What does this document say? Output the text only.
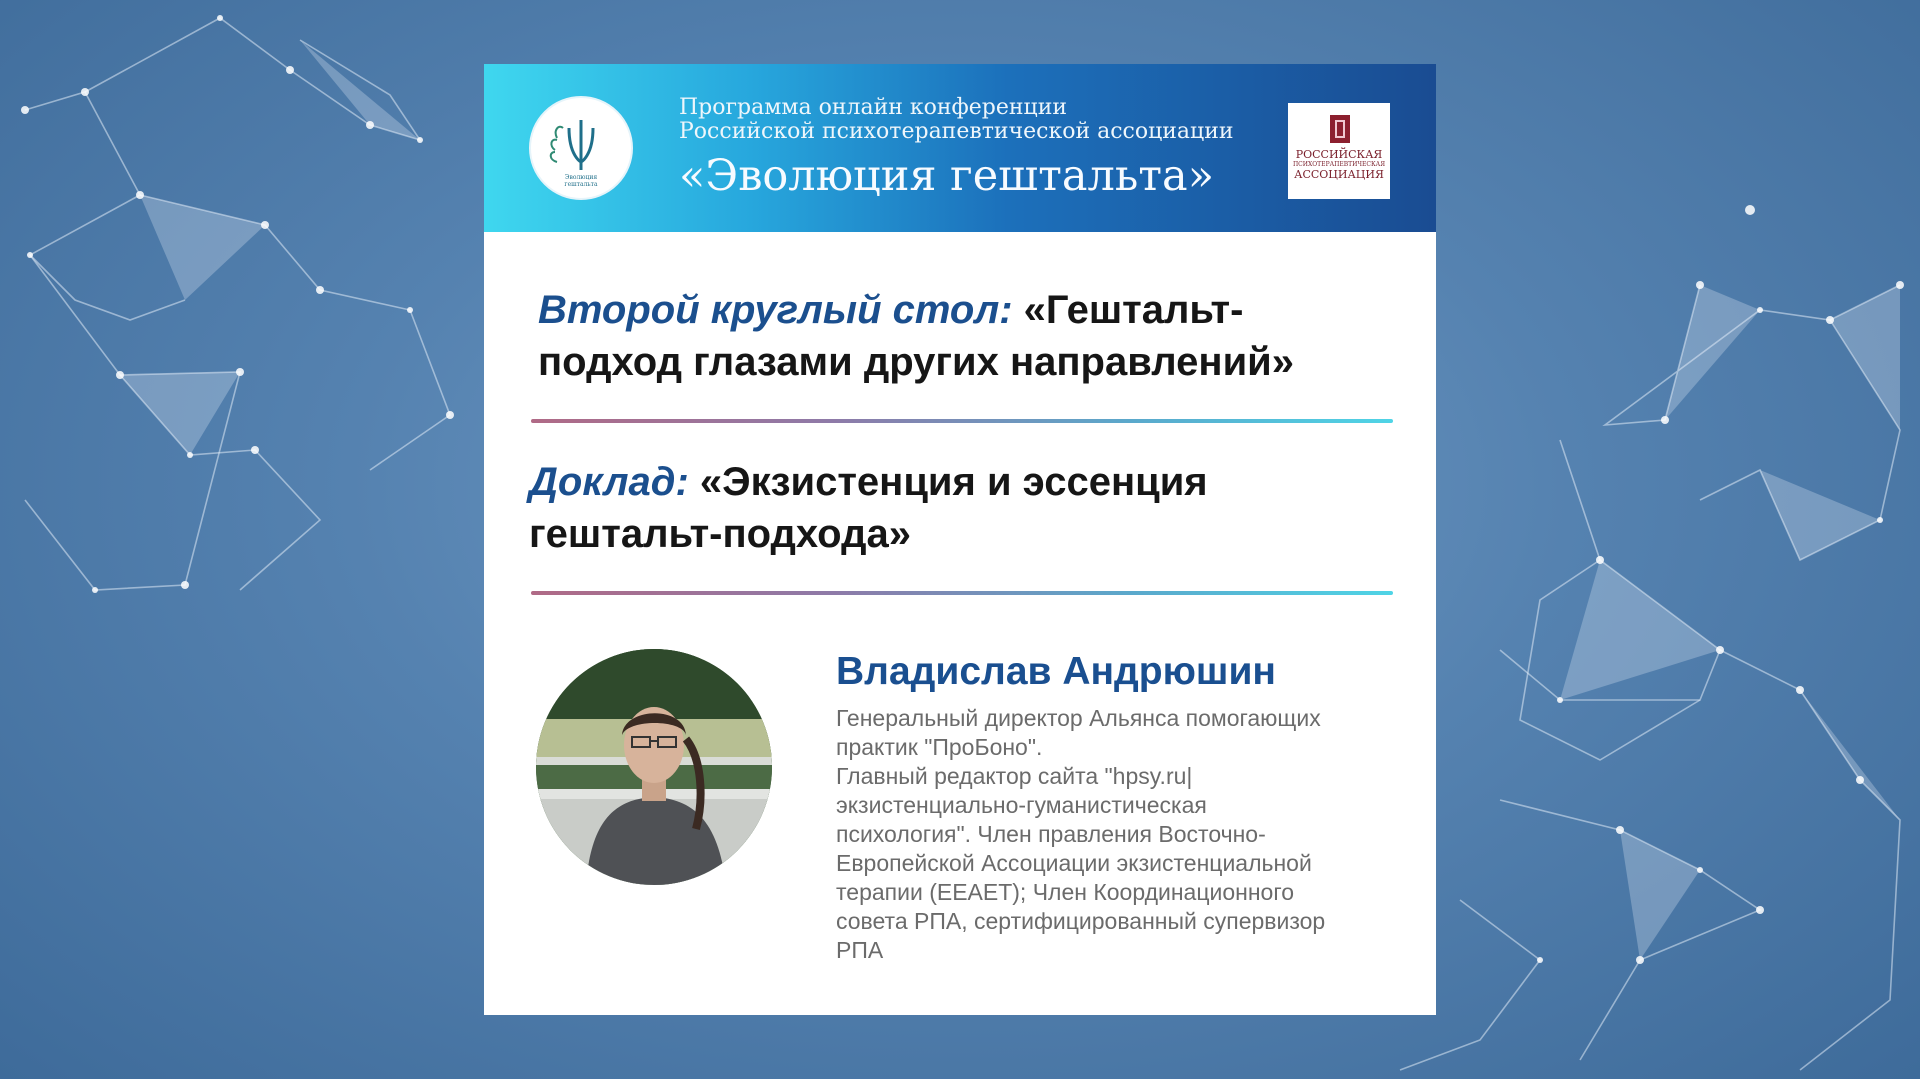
Эволюция гештальта
Программа онлайн конференции
Российской психотерапевтической ассоциации
«Эволюция гештальта»	РОССИЙСКАЯ
ПСИХОТЕРАПЕВТИЧЕСКАЯ
АССОЦИАЦИЯ
Второй круглый стол: «Гештальт-
подход глазами других направлений»
Доклад: «Экзистенция и эссенция
гештальт-подхода»
Владислав Андрюшин
Генеральный директор Альянса помогающих
практик "ПроБоно".
Главный редактор сайта "hpsy.ru|
экзистенциально-гуманистическая
психология". Член правления Восточно-
Европейской Ассоциации экзистенциальной
терапии (ЕЕАЕТ); Член Координационного
совета РПА, сертифицированный супервизор
РПА
